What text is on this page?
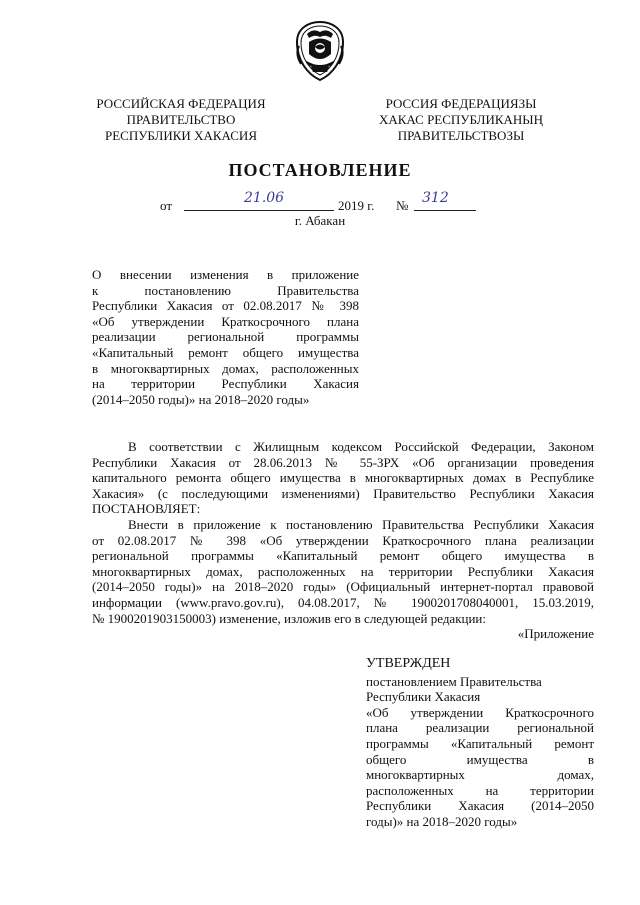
РОССИЙСКАЯ ФЕДЕРАЦИЯ
ПРАВИТЕЛЬСТВО
РЕСПУБЛИКИ ХАКАСИЯ
РОССИЯ ФЕДЕРАЦИЯЗЫ
ХАКАС РЕСПУБЛИКАНЫҢ
ПРАВИТЕЛЬСТВОЗЫ
ПОСТАНОВЛЕНИЕ
от	21.06	2019 г. № 312
г. Абакан
О внесении изменения в приложение
к постановлению Правительства
Республики Хакасия от 02.08.2017 № 398
«Об утверждении Краткосрочного плана
реализации региональной программы
«Капитальный ремонт общего имущества
в многоквартирных домах, расположенных
на территории Республики Хакасия
(2014–2050 годы)» на 2018–2020 годы»
В соответствии с Жилищным кодексом Российской Федерации, Законом
Республики Хакасия от 28.06.2013 № 55-ЗРХ «Об организации проведения
капитального ремонта общего имущества в многоквартирных домах в Республике
Хакасия» (с последующими изменениями) Правительство Республики Хакасия
ПОСТАНОВЛЯЕТ:
Внести в приложение к постановлению Правительства Республики Хакасия
от 02.08.2017 № 398 «Об утверждении Краткосрочного плана реализации
региональной программы «Капитальный ремонт общего имущества в
многоквартирных домах, расположенных на территории Республики Хакасия
(2014–2050 годы)» на 2018–2020 годы» (Официальный интернет-портал правовой
информации (www.pravo.gov.ru), 04.08.2017, № 1900201708040001, 15.03.2019,
№ 1900201903150003) изменение, изложив его в следующей редакции:
«Приложение
УТВЕРЖДЕН
постановлением Правительства
Республики Хакасия
«Об утверждении Краткосрочного
плана реализации региональной
программы «Капитальный ремонт
общего имущества в
многоквартирных домах,
расположенных на территории
Республики Хакасия (2014–2050
годы)» на 2018–2020 годы»
